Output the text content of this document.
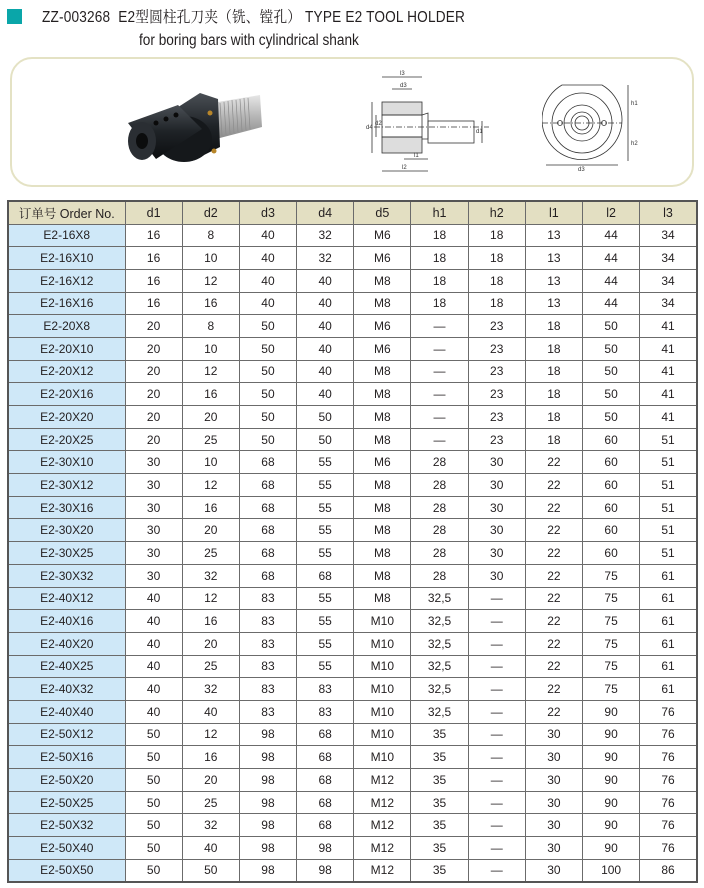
ZZ-003268 E2型圆柱孔刀夹（铣、镗孔） TYPE E2 TOOL HOLDER
for boring bars with cylindrical shank
l3
d3
d4
d2
d1
l1
l2
h1
h2
d3
订单号 Order No.	d1	d2	d3	d4	d5	h1	h2	l1	l2	l3
E2-16X8	16	8	40	32	M6	18	18	13	44	34
E2-16X10	16	10	40	32	M6	18	18	13	44	34
E2-16X12	16	12	40	40	M8	18	18	13	44	34
E2-16X16	16	16	40	40	M8	18	18	13	44	34
E2-20X8	20	8	50	40	M6	—	23	18	50	41
E2-20X10	20	10	50	40	M6	—	23	18	50	41
E2-20X12	20	12	50	40	M8	—	23	18	50	41
E2-20X16	20	16	50	40	M8	—	23	18	50	41
E2-20X20	20	20	50	50	M8	—	23	18	50	41
E2-20X25	20	25	50	50	M8	—	23	18	60	51
E2-30X10	30	10	68	55	M6	28	30	22	60	51
E2-30X12	30	12	68	55	M8	28	30	22	60	51
E2-30X16	30	16	68	55	M8	28	30	22	60	51
E2-30X20	30	20	68	55	M8	28	30	22	60	51
E2-30X25	30	25	68	55	M8	28	30	22	60	51
E2-30X32	30	32	68	68	M8	28	30	22	75	61
E2-40X12	40	12	83	55	M8	32,5	—	22	75	61
E2-40X16	40	16	83	55	M10	32,5	—	22	75	61
E2-40X20	40	20	83	55	M10	32,5	—	22	75	61
E2-40X25	40	25	83	55	M10	32,5	—	22	75	61
E2-40X32	40	32	83	83	M10	32,5	—	22	75	61
E2-40X40	40	40	83	83	M10	32,5	—	22	90	76
E2-50X12	50	12	98	68	M10	35	—	30	90	76
E2-50X16	50	16	98	68	M10	35	—	30	90	76
E2-50X20	50	20	98	68	M12	35	—	30	90	76
E2-50X25	50	25	98	68	M12	35	—	30	90	76
E2-50X32	50	32	98	68	M12	35	—	30	90	76
E2-50X40	50	40	98	98	M12	35	—	30	90	76
E2-50X50	50	50	98	98	M12	35	—	30	100	86
